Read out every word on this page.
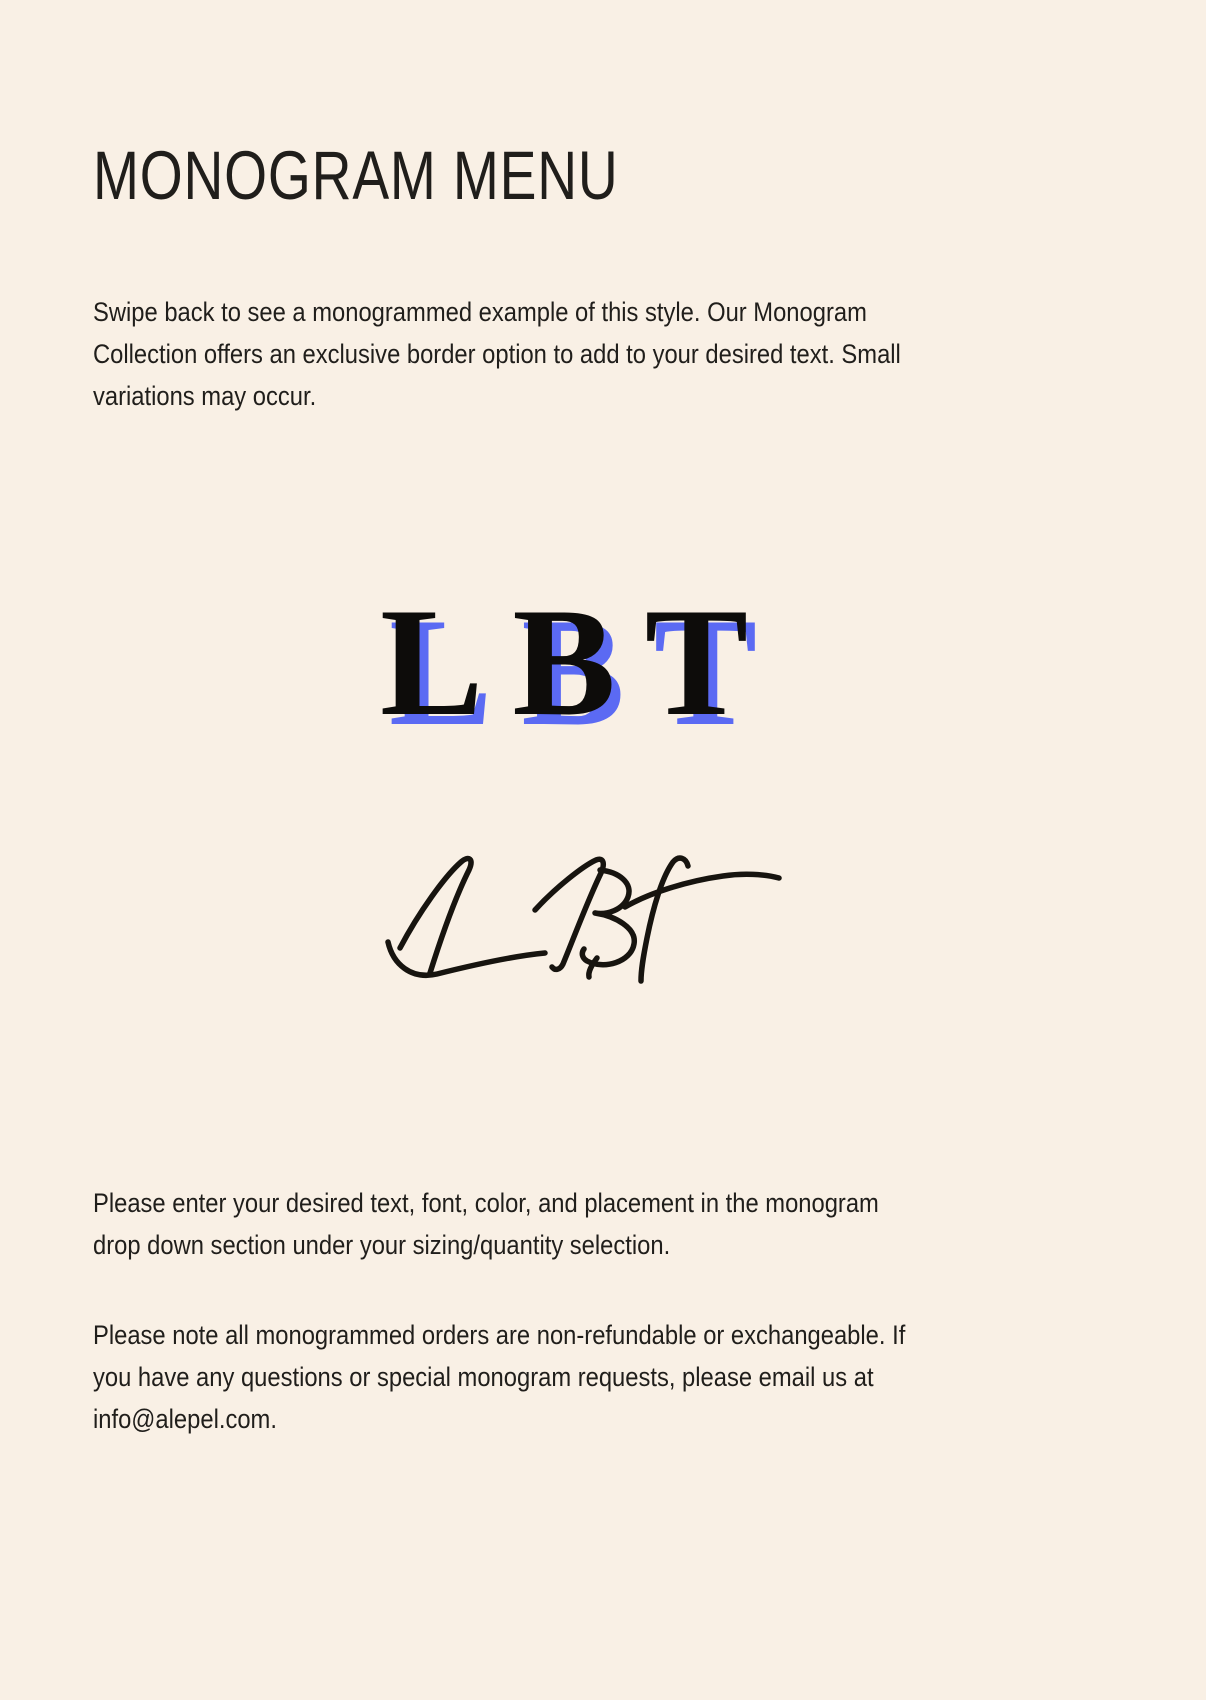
MONOGRAM MENU

Swipe back to see a monogrammed example of this style. Our Monogram
Collection offers an exclusive border option to add to your desired text. Small
variations may occur.

LBT

Please enter your desired text, font, color, and placement in the monogram
drop down section under your sizing/quantity selection.

Please note all monogrammed orders are non-refundable or exchangeable. If
you have any questions or special monogram requests, please email us at
info@alepel.com.
